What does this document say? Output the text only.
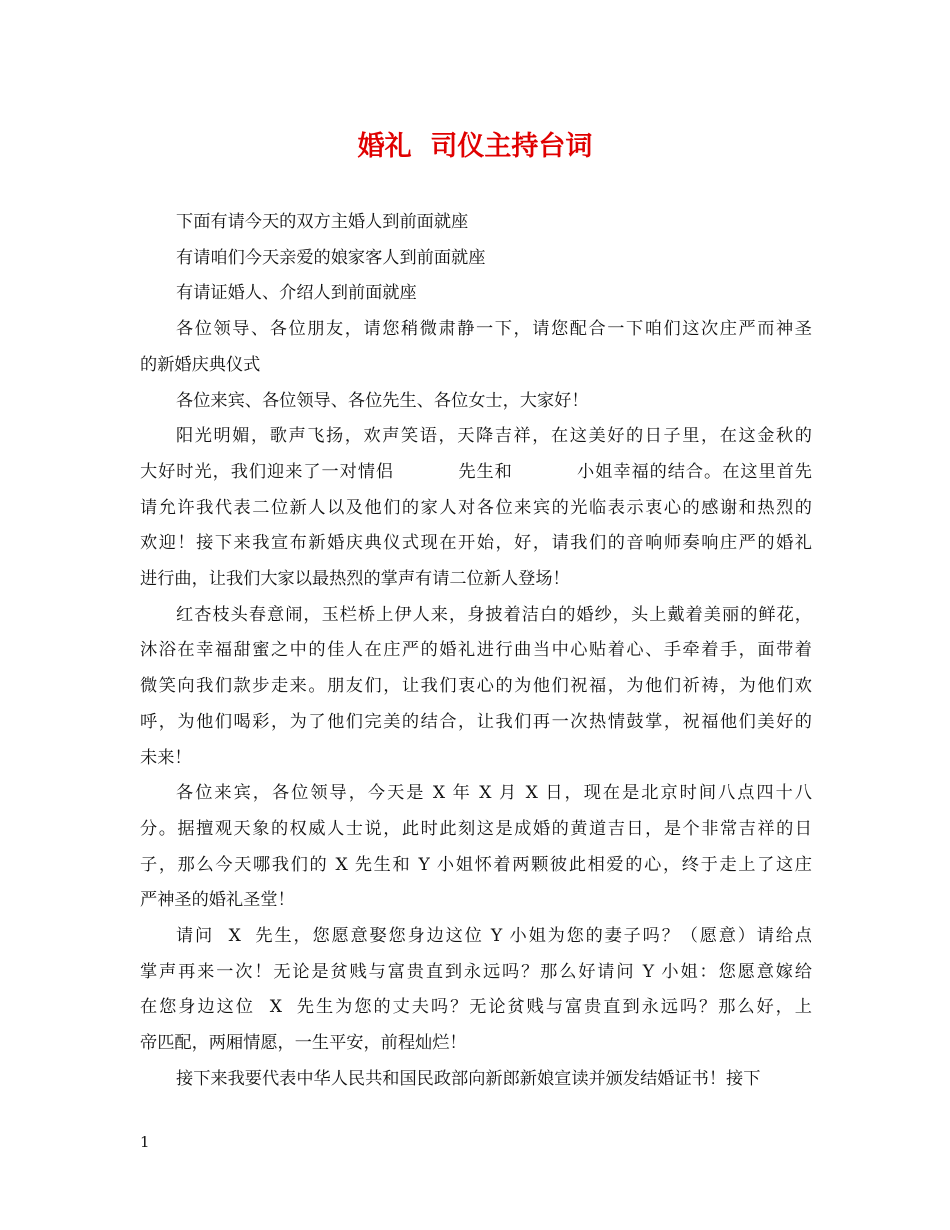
婚礼  司仪主持台词
下面有请今天的双方主婚人到前面就座
有请咱们今天亲爱的娘家客人到前面就座
有请证婚人、介绍人到前面就座
各位领导、各位朋友，请您稍微肃静一下，请您配合一下咱们这次庄严而神圣
的新婚庆典仪式
各位来宾、各位领导、各位先生、各位女士，大家好！
阳光明媚，歌声飞扬，欢声笑语，天降吉祥，在这美好的日子里，在这金秋的
大好时光，我们迎来了一对情侣          先生和          小姐幸福的结合。在这里首先
请允许我代表二位新人以及他们的家人对各位来宾的光临表示衷心的感谢和热烈的
欢迎！接下来我宣布新婚庆典仪式现在开始，好，请我们的音响师奏响庄严的婚礼
进行曲，让我们大家以最热烈的掌声有请二位新人登场！
红杏枝头春意闹，玉栏桥上伊人来，身披着洁白的婚纱，头上戴着美丽的鲜花，
沐浴在幸福甜蜜之中的佳人在庄严的婚礼进行曲当中心贴着心、手牵着手，面带着
微笑向我们款步走来。朋友们，让我们衷心的为他们祝福，为他们祈祷，为他们欢
呼，为他们喝彩，为了他们完美的结合，让我们再一次热情鼓掌，祝福他们美好的
未来！
各位来宾，各位领导，今天是 X 年 X 月 X 日，现在是北京时间八点四十八
分。据擅观天象的权威人士说，此时此刻这是成婚的黄道吉日，是个非常吉祥的日
子，那么今天哪我们的 X 先生和 Y 小姐怀着两颗彼此相爱的心，终于走上了这庄
严神圣的婚礼圣堂！
请问  X  先生，您愿意娶您身边这位 Y 小姐为您的妻子吗？（愿意）请给点
掌声再来一次！无论是贫贱与富贵直到永远吗？那么好请问 Y 小姐：您愿意嫁给
在您身边这位  X  先生为您的丈夫吗？无论贫贱与富贵直到永远吗？那么好，上
帝匹配，两厢情愿，一生平安，前程灿烂！
接下来我要代表中华人民共和国民政部向新郎新娘宣读并颁发结婚证书！接下
1
